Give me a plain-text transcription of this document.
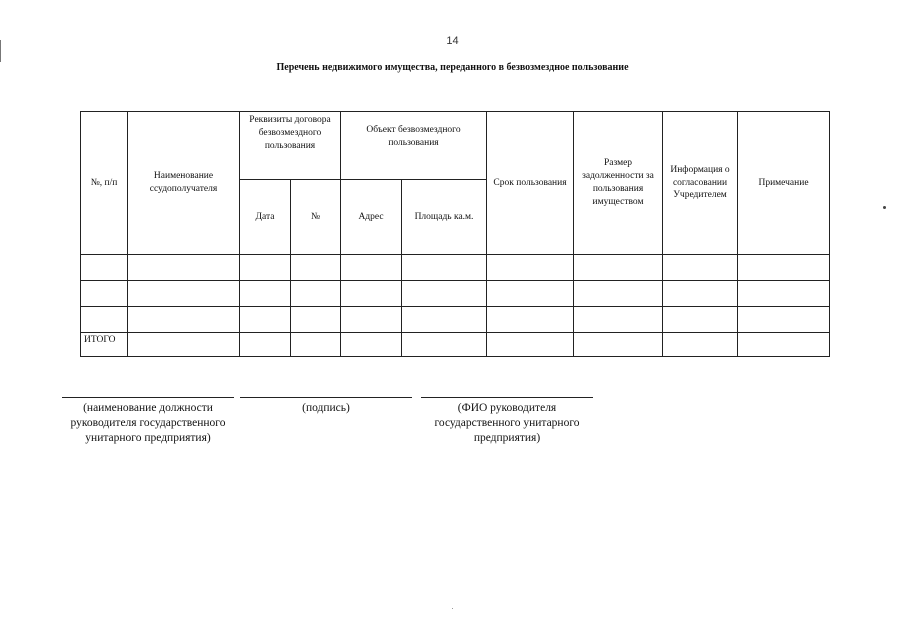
14
Перечень недвижимого имущества, переданного в безвозмездное пользование
№, п/п	Наименование ссудополучателя	Реквизиты договора безвозмездного пользования		Объект безвозмездного пользования		Срок пользования	Размер задолженности за пользования имуществом	Информация о согласовании Учредителем	Примечание
		Дата	№	Адрес	Площадь ка.м.				

ИТОГО									
(наименование должности руководителя государственного унитарного предприятия)
(подпись)	(ФИО руководителя государственного унитарного предприятия)
